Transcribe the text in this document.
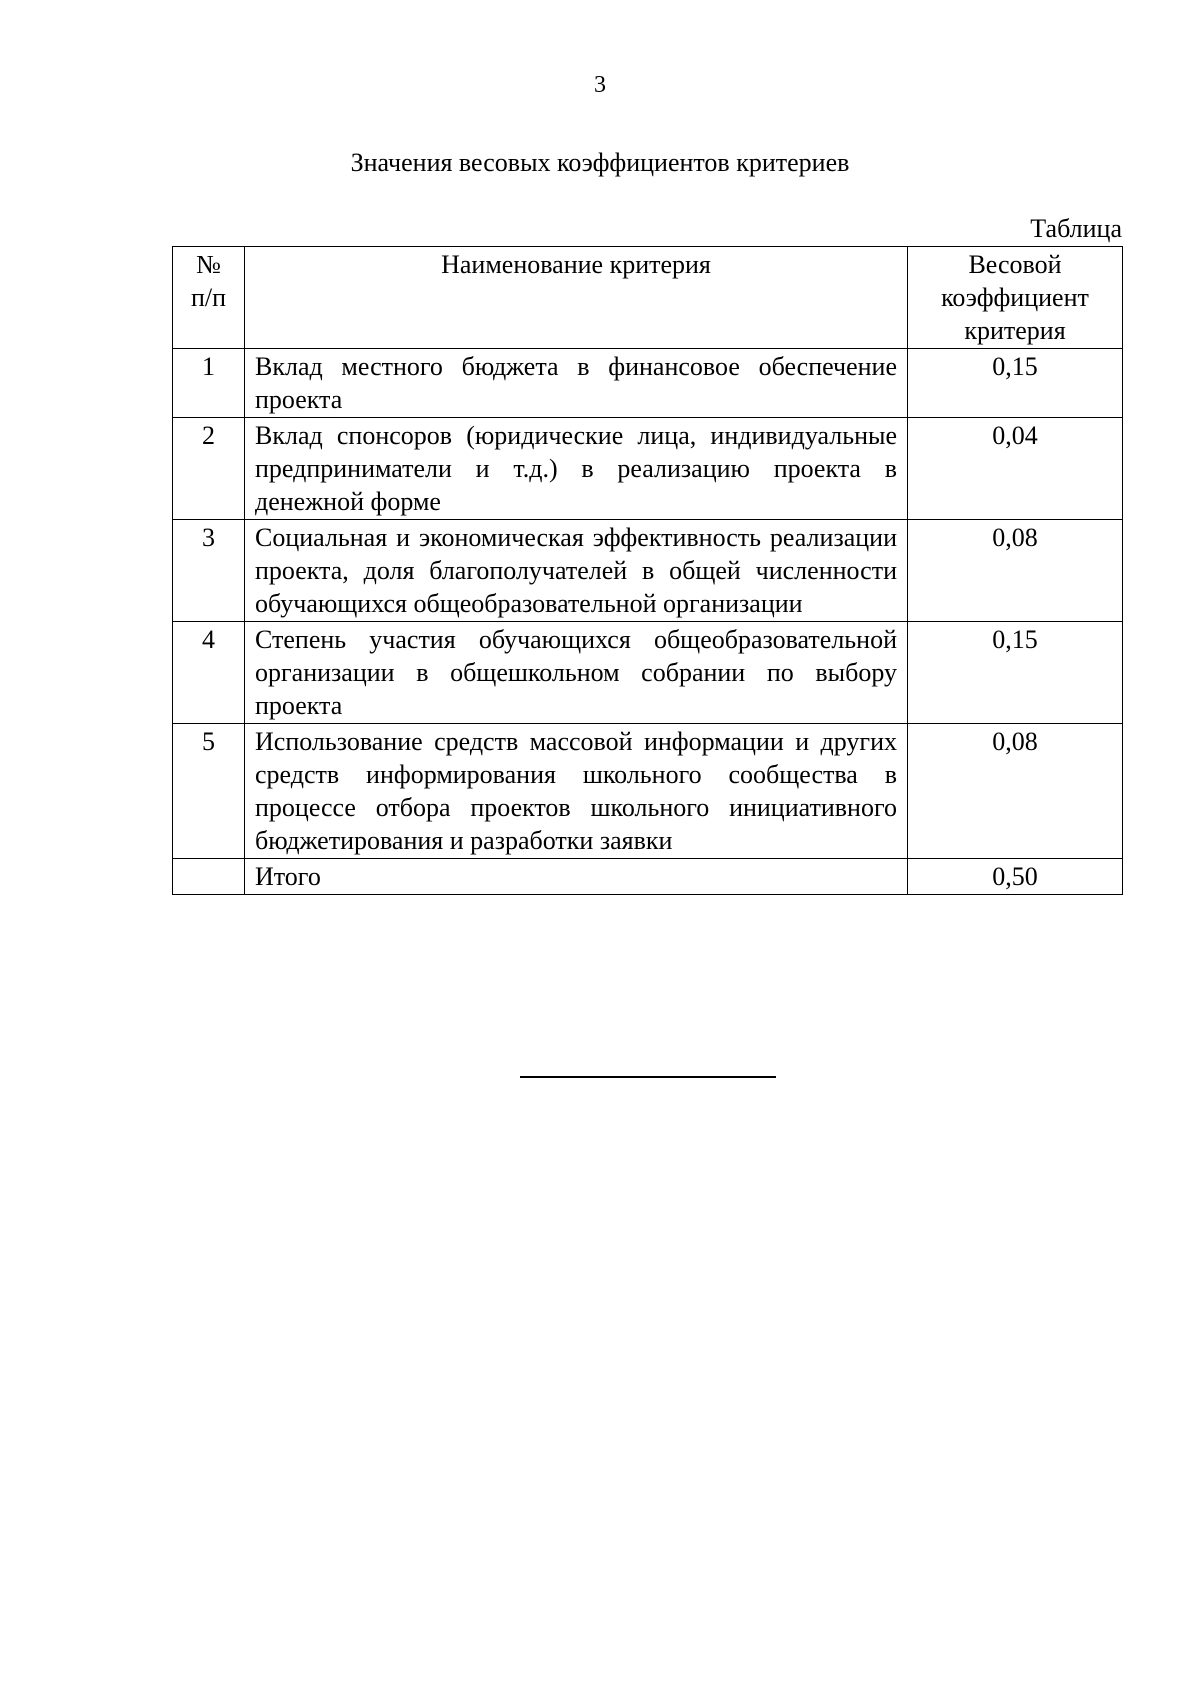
3
Значения весовых коэффициентов критериев
Таблица
№ п/п	Наименование критерия	Весовой коэффициент критерия
1	Вклад местного бюджета в финансовое обеспечение проекта	0,15
2	Вклад спонсоров (юридические лица, индивидуальные предприниматели и т.д.) в реализацию проекта в денежной форме	0,04
3	Социальная и экономическая эффективность реализации проекта, доля благополучателей в общей численности обучающихся общеобразовательной организации	0,08
4	Степень участия обучающихся общеобразовательной организации в общешкольном собрании по выбору проекта	0,15
5	Использование средств массовой информации и других средств информирования школьного сообщества в процессе отбора проектов школьного инициативного бюджетирования и разработки заявки	0,08
	Итого	0,50
